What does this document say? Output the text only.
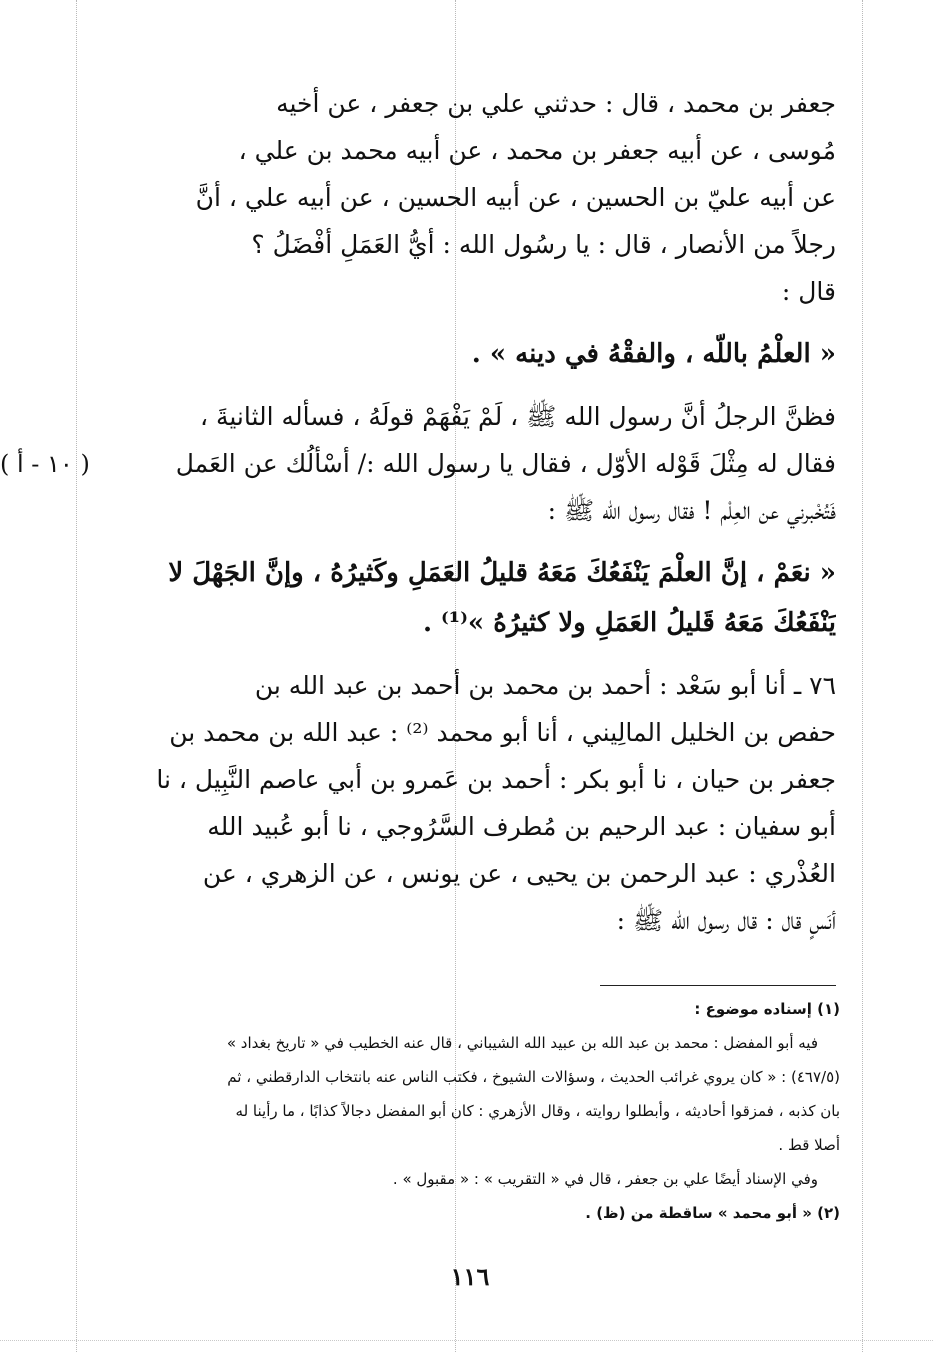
جعفر بن محمد ، قال : حدثني علي بن جعفر ، عن أخيه
مُوسى ، عن أبيه جعفر بن محمد ، عن أبيه محمد بن علي ،
عن أبيه عليّ بن الحسين ، عن أبيه الحسين ، عن أبيه علي ، أنَّ
رجلاً من الأنصار ، قال : يا رسُول الله : أيُّ العَمَلِ أفْضَلُ ؟
قال :
« العلْمُ باللّه ، والفقْهُ في دينه » .
فظنَّ الرجلُ أنَّ رسول الله ﷺ ، لَمْ يَفْهَمْ قولَهُ ، فسأله الثانيةَ ،
فقال له مِثْلَ قَوْله الأوّل ، فقال يا رسول الله :/ أسْألُك عن العَمل
فَتُخْبرني عن العِلْم ! فقال رسول الله ﷺ :
« نعَمْ ، إنَّ العلْمَ يَنْفَعُكَ مَعَهُ قليلُ العَمَلِ وكَثيرُهُ ، وإنَّ الجَهْلَ لا
يَنْفَعُكَ مَعَهُ قَليلُ العَمَلِ ولا كثيرُهُ »⁽¹⁾ .
٧٦ ـ أنا أبو سَعْد : أحمد بن محمد بن أحمد بن عبد الله بن
حفص بن الخليل المالِيني ، أنا أبو محمد ⁽²⁾ : عبد الله بن محمد بن
جعفر بن حيان ، نا أبو بكر : أحمد بن عَمرو بن أبي عاصم النَّبِيل ، نا
أبو سفيان : عبد الرحيم بن مُطرف السَّرُوجي ، نا أبو عُبيد الله
العُذْري : عبد الرحمن بن يحيى ، عن يونس ، عن الزهري ، عن
أنَسٍ قال : قال رسول الله ﷺ :
( ١٠ - أ )
(١) إسناده موضوع :
فيه أبو المفضل : محمد بن عبد الله بن عبيد الله الشيباني ، قال عنه الخطيب في « تاريخ بغداد »
(٤٦٧/٥) : « كان يروي غرائب الحديث ، وسؤالات الشيوخ ، فكتب الناس عنه بانتخاب الدارقطني ، ثم
بان كذبه ، فمزقوا أحاديثه ، وأبطلوا روايته ، وقال الأزهري : كان أبو المفضل دجالاً كذابًا ، ما رأينا له
أصلا قط .
وفي الإسناد أيضًا علي بن جعفر ، قال في « التقريب » : « مقبول » .
(٢) « أبو محمد » ساقطة من (ظ) .
١١٦
